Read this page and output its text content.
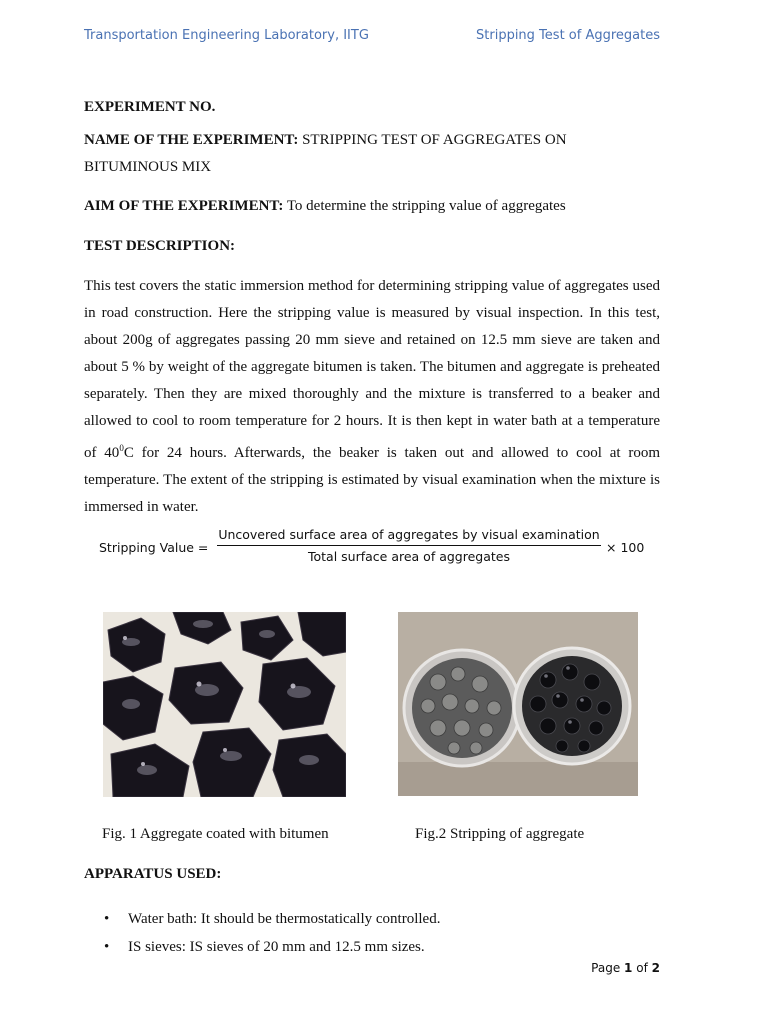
Transportation Engineering Laboratory, IITG	Stripping Test of Aggregates
EXPERIMENT NO.
NAME OF THE EXPERIMENT: STRIPPING TEST OF AGGREGATES ON
BITUMINOUS MIX
AIM OF THE EXPERIMENT: To determine the stripping value of aggregates
TEST DESCRIPTION:
This test covers the static immersion method for determining stripping value of aggregates used in road construction. Here the stripping value is measured by visual inspection. In this test, about 200g of aggregates passing 20 mm sieve and retained on 12.5 mm sieve are taken and about 5 % by weight of the aggregate bitumen is taken. The bitumen and aggregate is preheated separately. Then they are mixed thoroughly and the mixture is transferred to a beaker and allowed to cool to room temperature for 2 hours. It is then kept in water bath at a temperature of $40^0C$ for 24 hours. Afterwards, the beaker is taken out and allowed to cool at room temperature. The extent of the stripping is estimated by visual examination when the mixture is immersed in water.
Stripping Value =
Uncovered surface area of aggregates by visual examination
Total surface area of aggregates
× 100
Fig. 1 Aggregate coated with bitumen	Fig.2 Stripping of aggregate
APPARATUS USED:
• Water bath: It should be thermostatically controlled.
• IS sieves: IS sieves of 20 mm and 12.5 mm sizes.
Page 1 of 2
